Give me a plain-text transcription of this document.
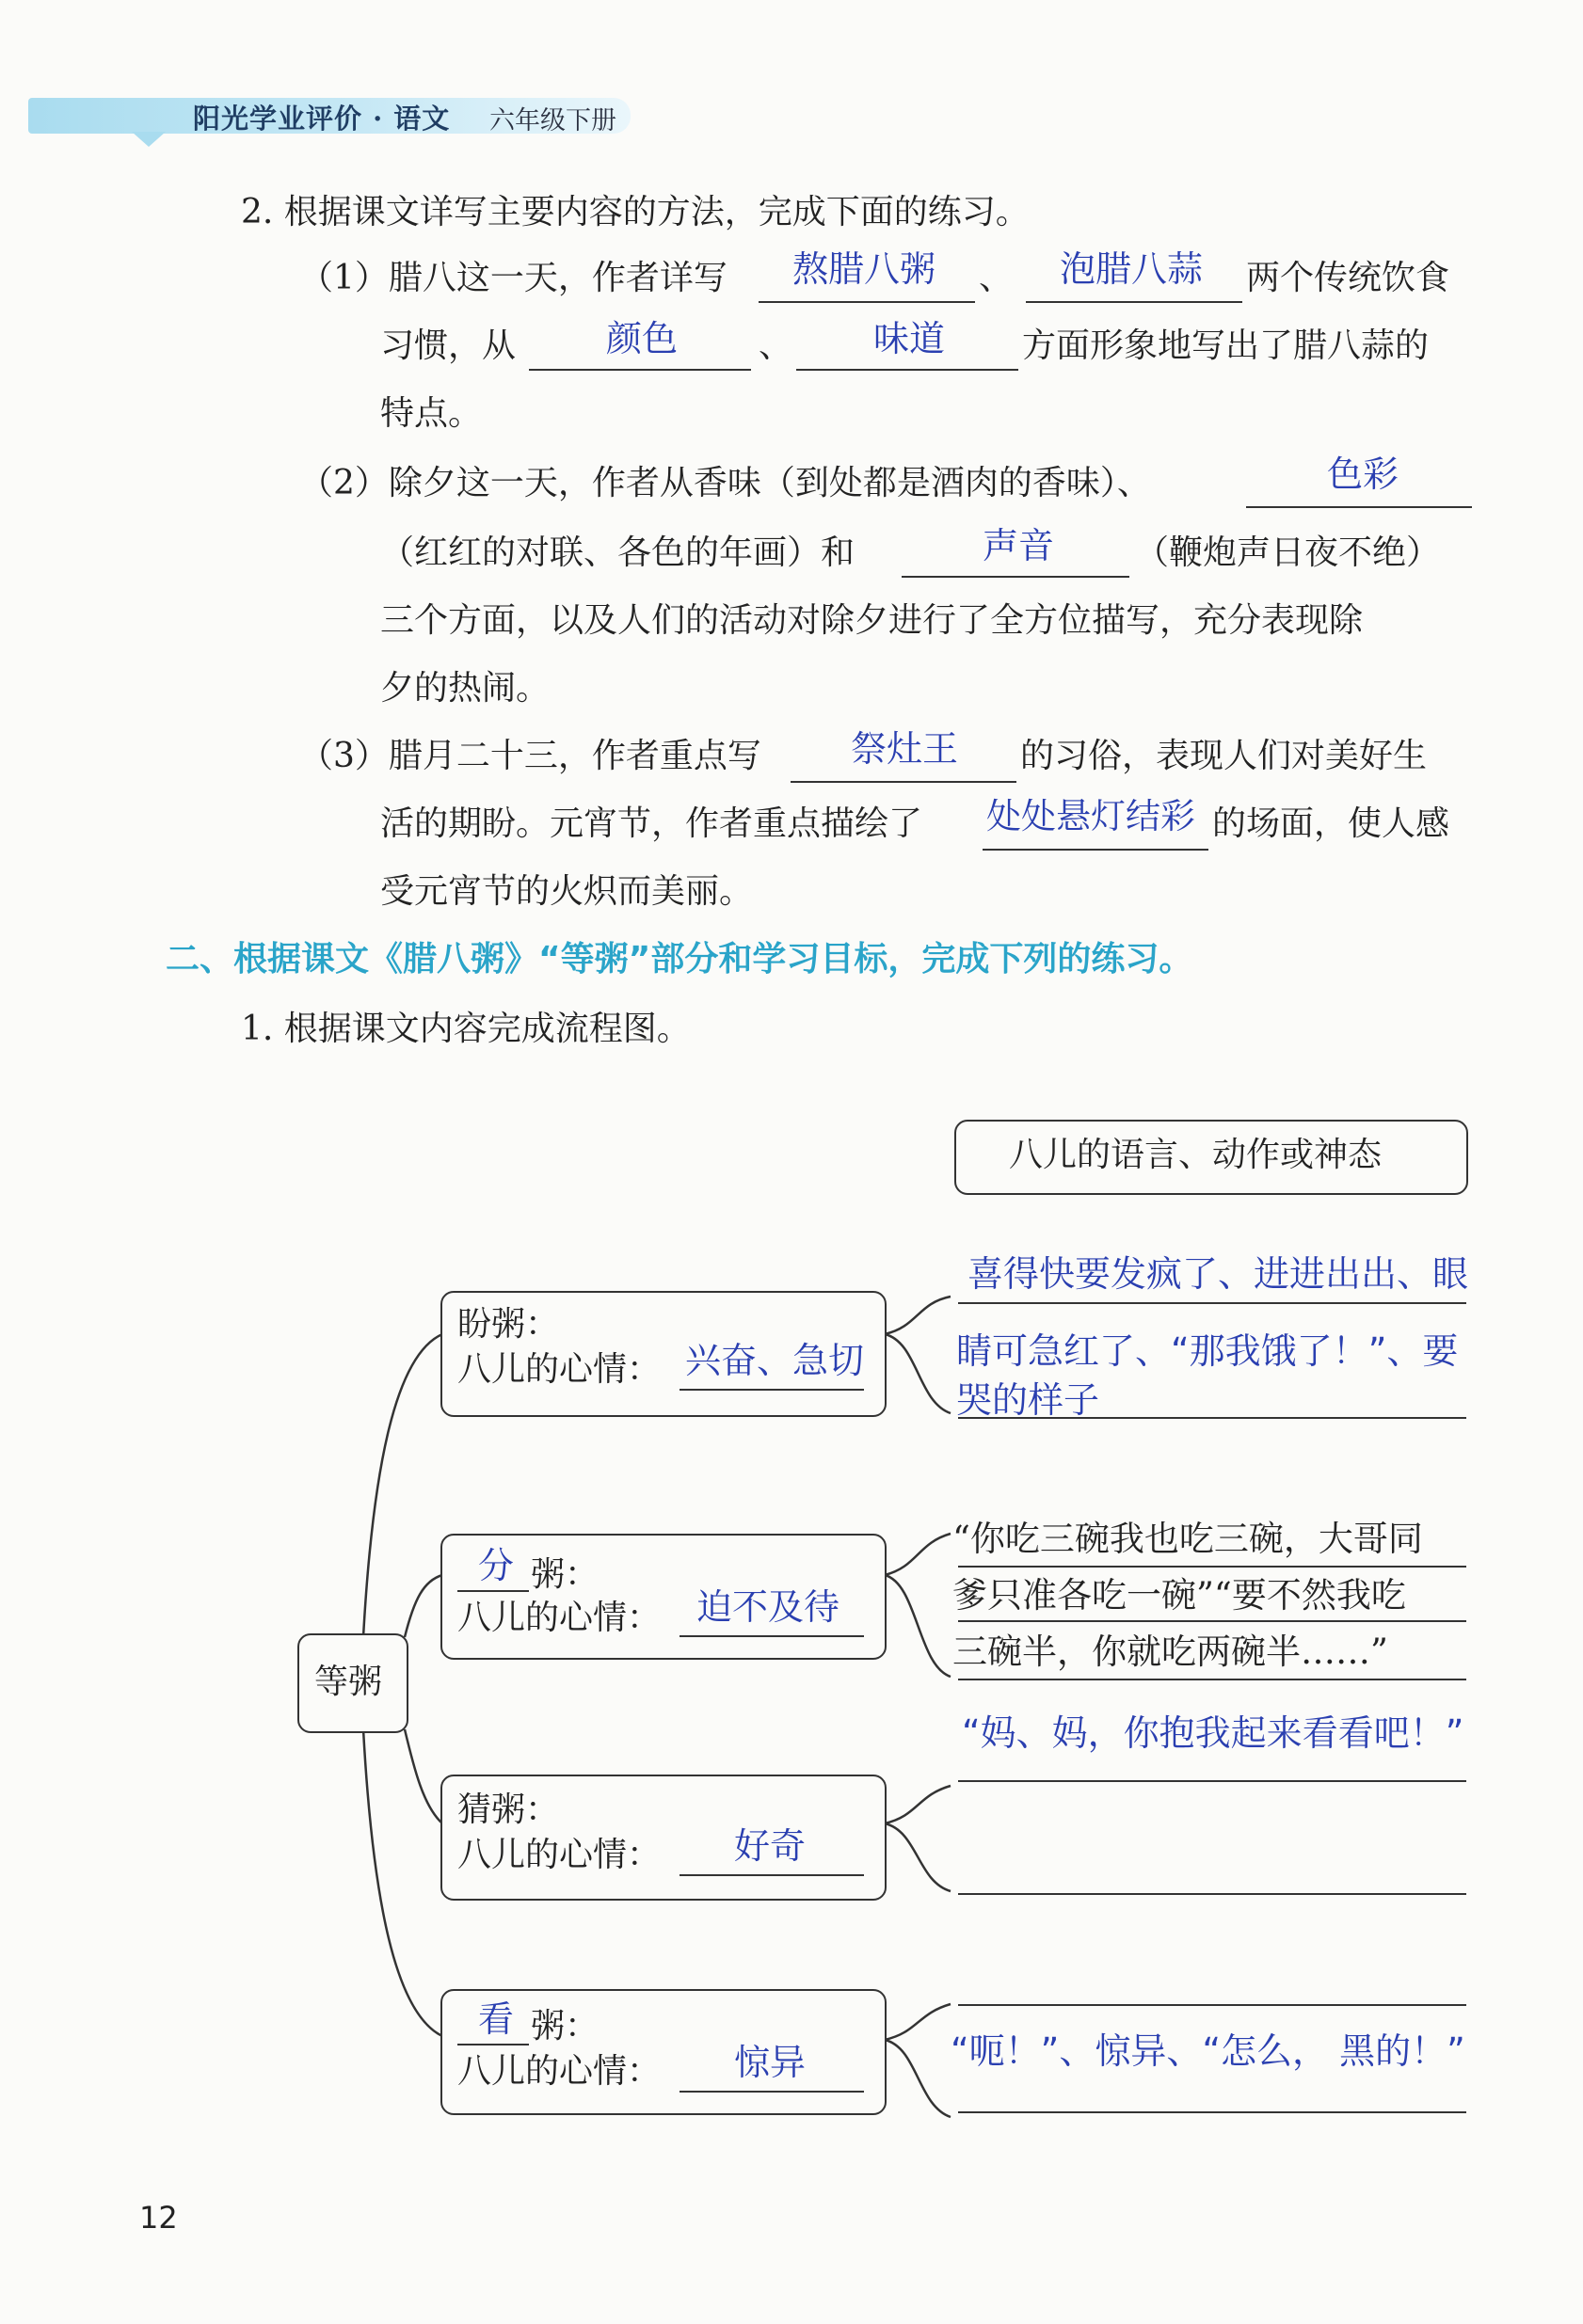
阳光学业评价 · 语文 六年级下册
2. 根据课文详写主要内容的方法，完成下面的练习。
（1）腊八这一天，作者详写 熬腊八粥 、 泡腊八蒜 两个传统饮食
习惯，从	颜色 、 味道 方面形象地写出了腊八蒜的
特点。
（2）除夕这一天，作者从香味（到处都是酒肉的香味）、	色彩
（红红的对联、各色的年画）和	声音 （鞭炮声日夜不绝）
三个方面，以及人们的活动对除夕进行了全方位描写，充分表现除
夕的热闹。
（3）腊月二十三，作者重点写	祭灶王 的习俗，表现人们对美好生
活的期盼。元宵节，作者重点描绘了 处处悬灯结彩 的场面，使人感
受元宵节的火炽而美丽。
二、根据课文《腊八粥》“等粥”部分和学习目标，完成下列的练习。
1. 根据课文内容完成流程图。
八儿的语言、动作或神态
等粥
盼粥：
八儿的心情： 兴奋、急切
喜得快要发疯了、进进出出、眼
睛可急红了、“那我饿了！”、要
哭的样子
分 粥：
八儿的心情： 迫不及待
“你吃三碗我也吃三碗，大哥同
爹只准各吃一碗”“要不然我吃
三碗半，你就吃两碗半……”
猜粥：
八儿的心情： 好奇
“妈、妈，你抱我起来看看吧！”
看 粥：
八儿的心情： 惊异	“呃！”、惊异、“怎么， 黑的！”
12
